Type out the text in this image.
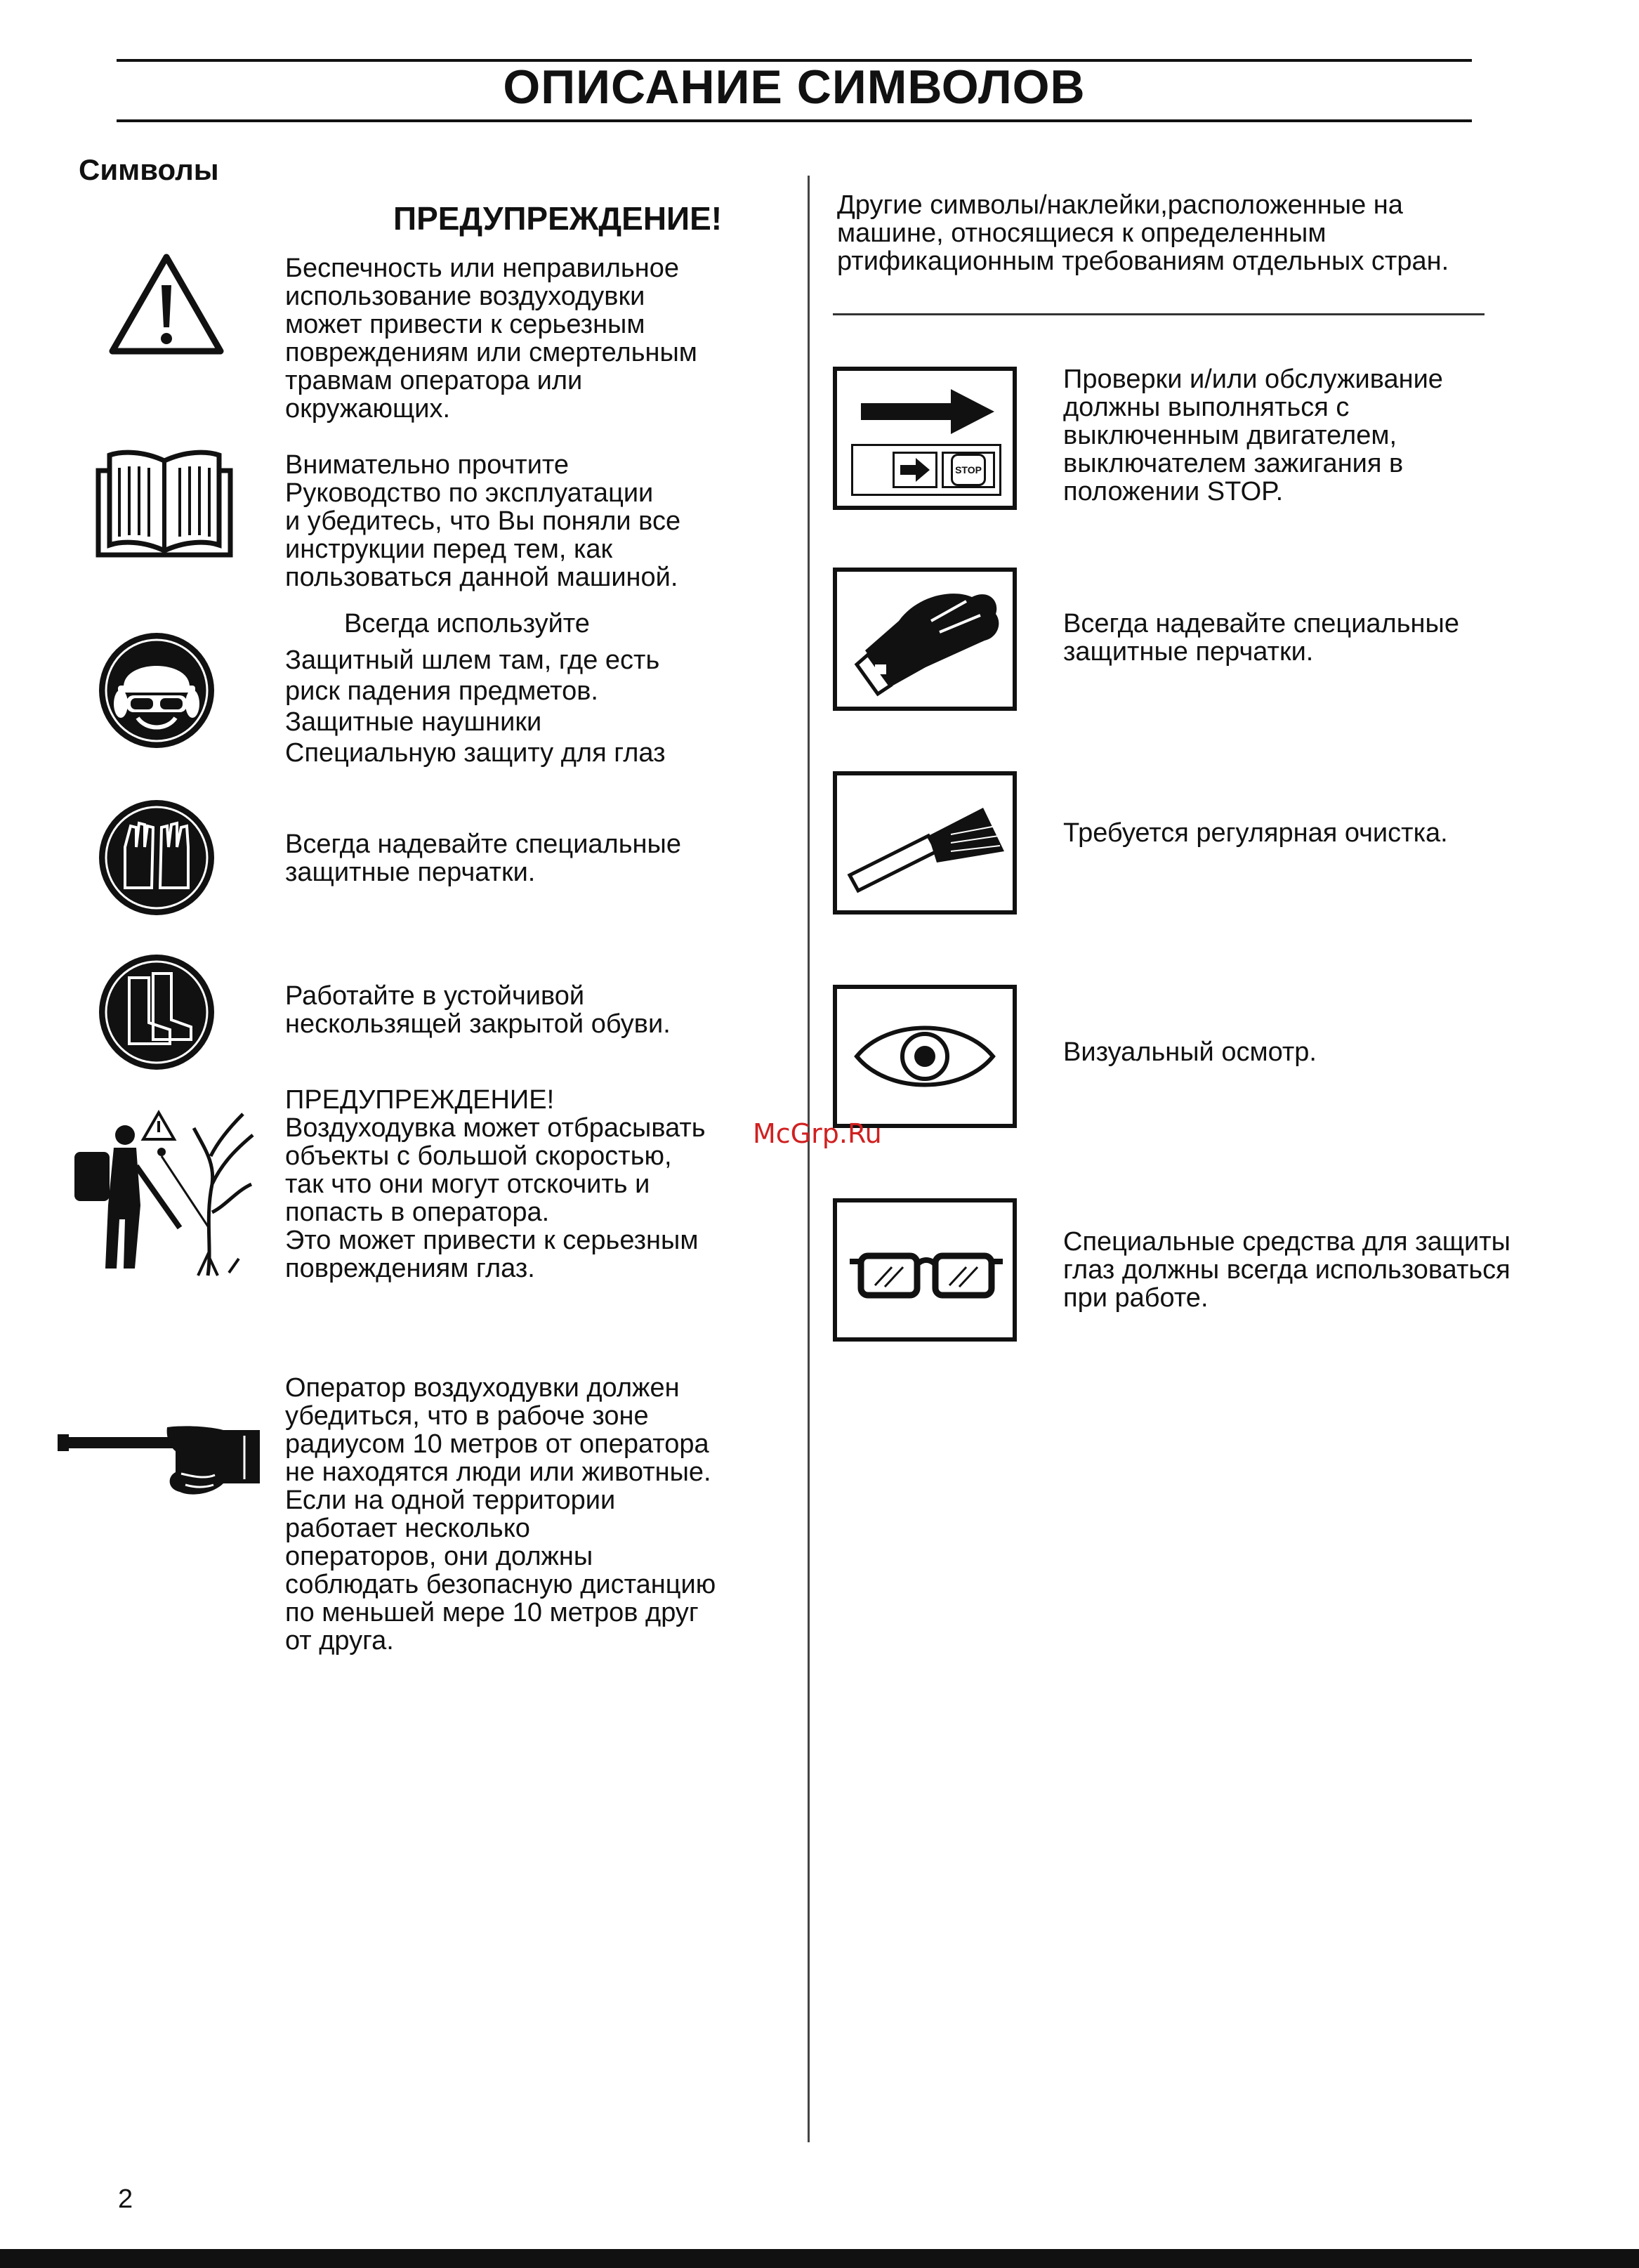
ОПИСАНИЕ СИМВОЛОВ
Символы
ПРЕДУПРЕЖДЕНИЕ!
Беспечность или неправильное
использование воздуходувки
может привести к серьезным
повреждениям или смертельным
травмам оператора или
окружающих.
Внимательно прочтите
Руководство по эксплуатации
и убедитесь, что Вы поняли все
инструкции перед тем, как
пользоваться данной машиной.
Всегда используйте
Защитный шлем там, где есть
риск падения предметов.
Защитные наушники
Специальную защиту для глаз
Всегда надевайте специальные
защитные перчатки.
Работайте в устойчивой
нескользящей закрытой обуви.
ПРЕДУПРЕЖДЕНИЕ!
Воздуходувка может отбрасывать
объекты с большой скоростью,
так что они могут отскочить и
попасть в оператора.
Это может привести к серьезным
повреждениям глаз.
Оператор воздуходувки должен
убедиться, что в рабоче зоне
радиусом 10 метров от оператора
не находятся люди или животные.
Если на одной территории
работает несколько
операторов, они должны
соблюдать безопасную дистанцию
по меньшей мере 10 метров друг
от друга.
Другие символы/наклейки,расположенные на
машине, относящиеся к определенным
ртификационным требованиям отдельных стран.
STOP
Проверки и/или обслуживание
должны выполняться с
выключенным двигателем,
выключателем зажигания в
положении STOP.
Всегда надевайте специальные
защитные перчатки.
Требуется регулярная очистка.
Визуальный осмотр.
Специальные средства для защиты
глаз должны всегда использоваться
при работе.
McGrp.Ru
2
